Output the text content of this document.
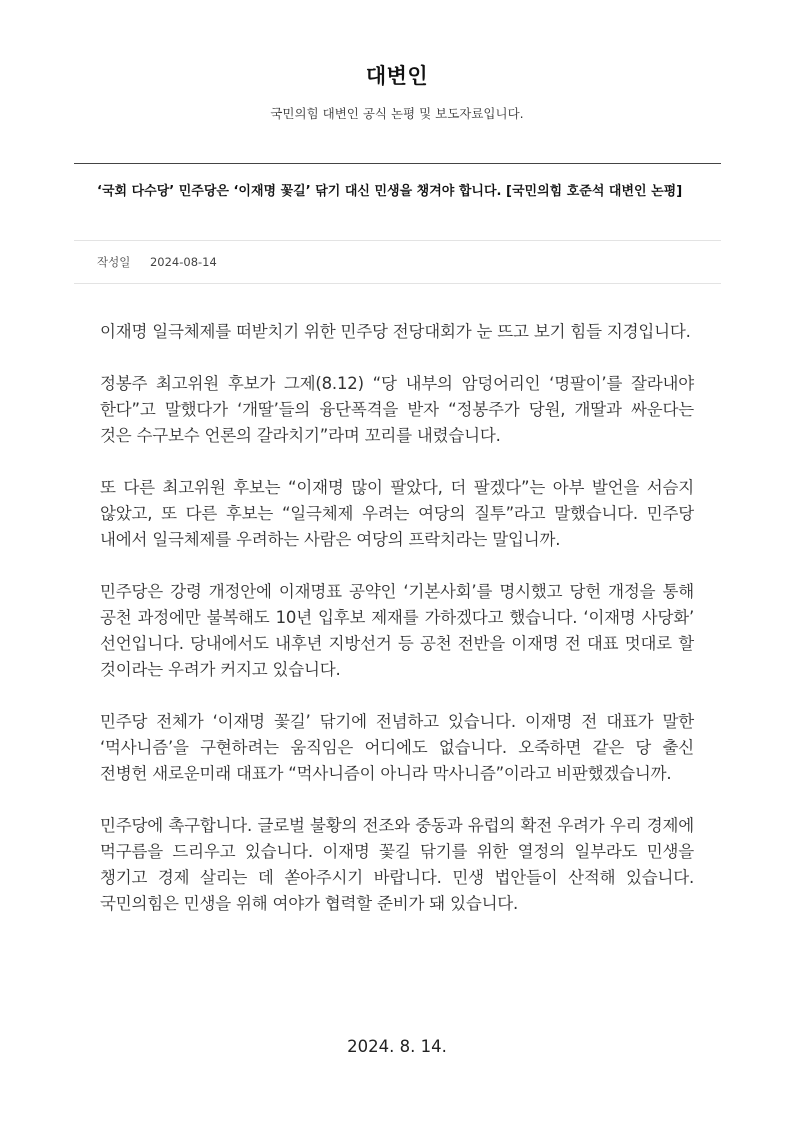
대변인
국민의힘 대변인 공식 논평 및 보도자료입니다.
‘국회 다수당’ 민주당은 ‘이재명 꽃길’ 닦기 대신 민생을 챙겨야 합니다. [국민의힘 호준석 대변인 논평]
작성일 2024-08-14

이재명 일극체제를 떠받치기 위한 민주당 전당대회가 눈 뜨고 보기 힘들 지경입니다.

정봉주 최고위원 후보가 그제(8.12) “당 내부의 암덩어리인 ‘명팔이’를 잘라내야 한다”고 말했다가 ‘개딸’들의 융단폭격을 받자 “정봉주가 당원, 개딸과 싸운다는 것은 수구보수 언론의 갈라치기”라며 꼬리를 내렸습니다.

또 다른 최고위원 후보는 “이재명 많이 팔았다, 더 팔겠다”는 아부 발언을 서슴지 않았고, 또 다른 후보는 “일극체제 우려는 여당의 질투”라고 말했습니다. 민주당 내에서 일극체제를 우려하는 사람은 여당의 프락치라는 말입니까.

민주당은 강령 개정안에 이재명표 공약인 ‘기본사회’를 명시했고 당헌 개정을 통해 공천 과정에만 불복해도 10년 입후보 제재를 가하겠다고 했습니다. ‘이재명 사당화’ 선언입니다. 당내에서도 내후년 지방선거 등 공천 전반을 이재명 전 대표 멋대로 할 것이라는 우려가 커지고 있습니다.

민주당 전체가 ‘이재명 꽃길’ 닦기에 전념하고 있습니다. 이재명 전 대표가 말한 ‘먹사니즘’을 구현하려는 움직임은 어디에도 없습니다. 오죽하면 같은 당 출신 전병헌 새로운미래 대표가 “먹사니즘이 아니라 막사니즘”이라고 비판했겠습니까.

민주당에 촉구합니다. 글로벌 불황의 전조와 중동과 유럽의 확전 우려가 우리 경제에 먹구름을 드리우고 있습니다. 이재명 꽃길 닦기를 위한 열정의 일부라도 민생을 챙기고 경제 살리는 데 쏟아주시기 바랍니다. 민생 법안들이 산적해 있습니다. 국민의힘은 민생을 위해 여야가 협력할 준비가 돼 있습니다.

2024. 8. 14.
